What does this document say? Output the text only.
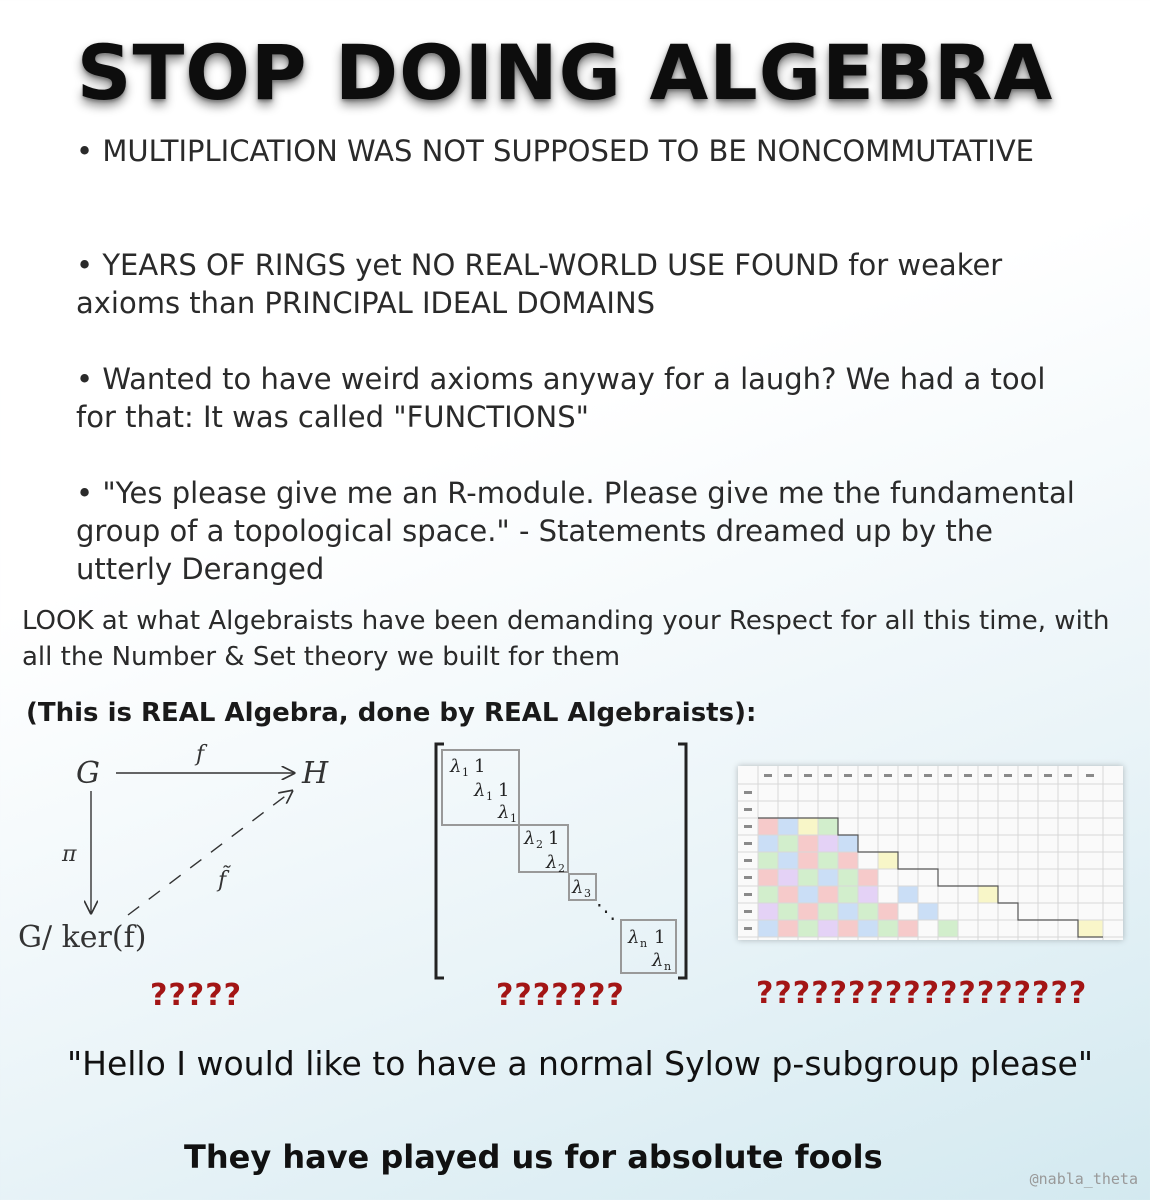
STOP DOING ALGEBRA
• MULTIPLICATION WAS NOT SUPPOSED TO BE NONCOMMUTATIVE
• YEARS OF RINGS yet NO REAL-WORLD USE FOUND for weaker axioms than PRINCIPAL IDEAL DOMAINS
• Wanted to have weird axioms anyway for a laugh? We had a tool for that: It was called "FUNCTIONS"
• "Yes please give me an R-module. Please give me the fundamental group of a topological space." - Statements dreamed up by the utterly Deranged
LOOK at what Algebraists have been demanding your Respect for all this time, with all the Number & Set theory we built for them
(This is REAL Algebra, done by REAL Algebraists):
G	H
f
π
f̃
G/ ker(f)
?????
λ 1 1
λ 1 1
λ 1
λ 2 1
λ 2
λ 3
⋱
λ n 1
λ n
???????	??????????????????
"Hello I would like to have a normal Sylow p-subgroup please"
They have played us for absolute fools
@nabla_theta
